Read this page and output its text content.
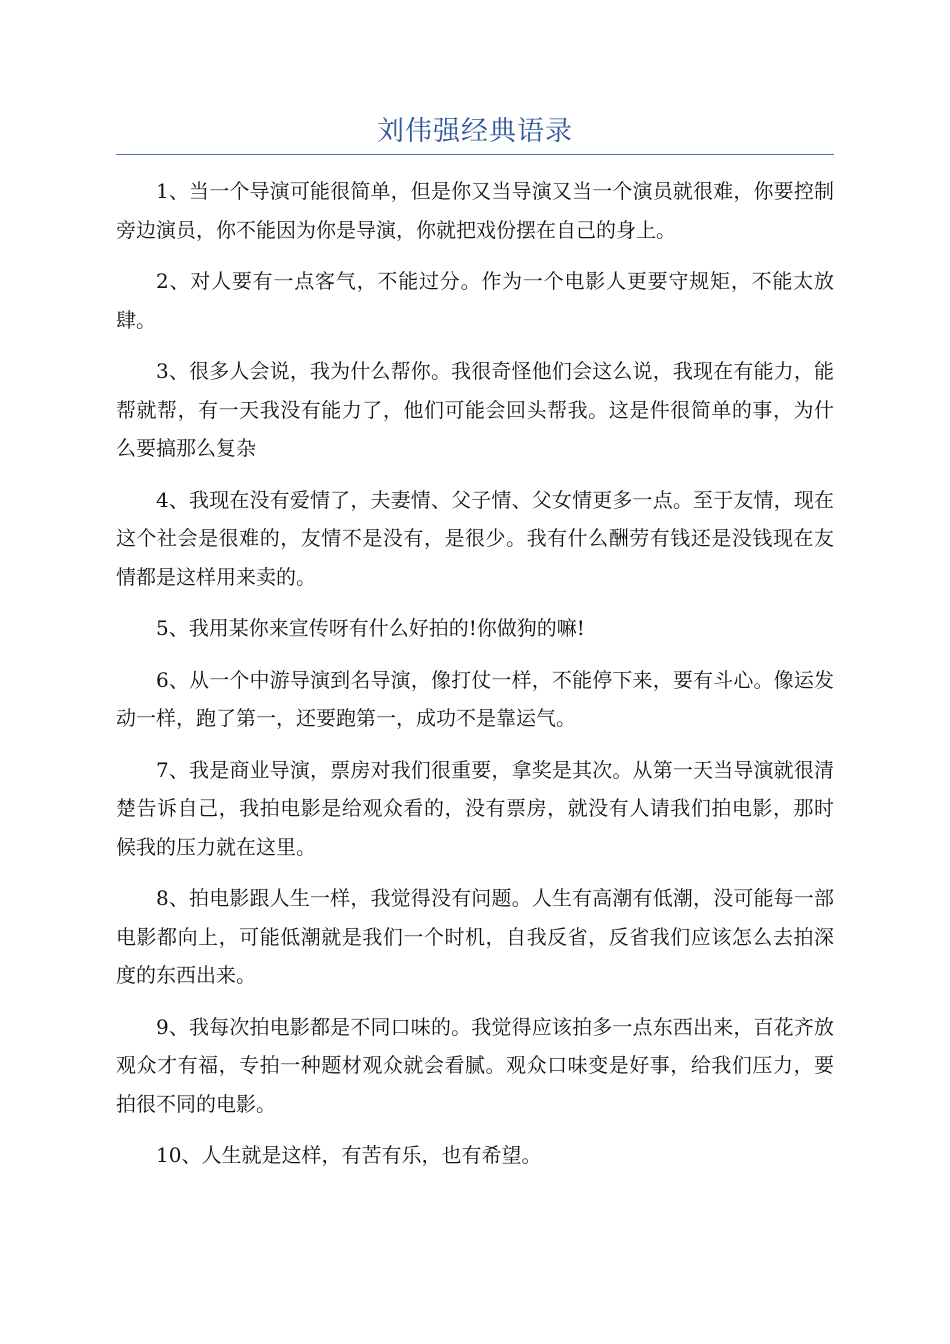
刘伟强经典语录

1、当一个导演可能很简单，但是你又当导演又当一个演员就很难，你要控制旁边演员，你不能因为你是导演，你就把戏份摆在自己的身上。

2、对人要有一点客气，不能过分。作为一个电影人更要守规矩，不能太放肆。

3、很多人会说，我为什么帮你。我很奇怪他们会这么说，我现在有能力，能帮就帮，有一天我没有能力了，他们可能会回头帮我。这是件很简单的事，为什么要搞那么复杂

4、我现在没有爱情了，夫妻情、父子情、父女情更多一点。至于友情，现在这个社会是很难的，友情不是没有，是很少。我有什么酬劳有钱还是没钱现在友情都是这样用来卖的。

5、我用某你来宣传呀有什么好拍的!你做狗的嘛!

6、从一个中游导演到名导演，像打仗一样，不能停下来，要有斗心。像运发动一样，跑了第一，还要跑第一，成功不是靠运气。

7、我是商业导演，票房对我们很重要，拿奖是其次。从第一天当导演就很清楚告诉自己，我拍电影是给观众看的，没有票房，就没有人请我们拍电影，那时候我的压力就在这里。

8、拍电影跟人生一样，我觉得没有问题。人生有高潮有低潮，没可能每一部电影都向上，可能低潮就是我们一个时机，自我反省，反省我们应该怎么去拍深度的东西出来。

9、我每次拍电影都是不同口味的。我觉得应该拍多一点东西出来，百花齐放观众才有福，专拍一种题材观众就会看腻。观众口味变是好事，给我们压力，要拍很不同的电影。

10、人生就是这样，有苦有乐，也有希望。
